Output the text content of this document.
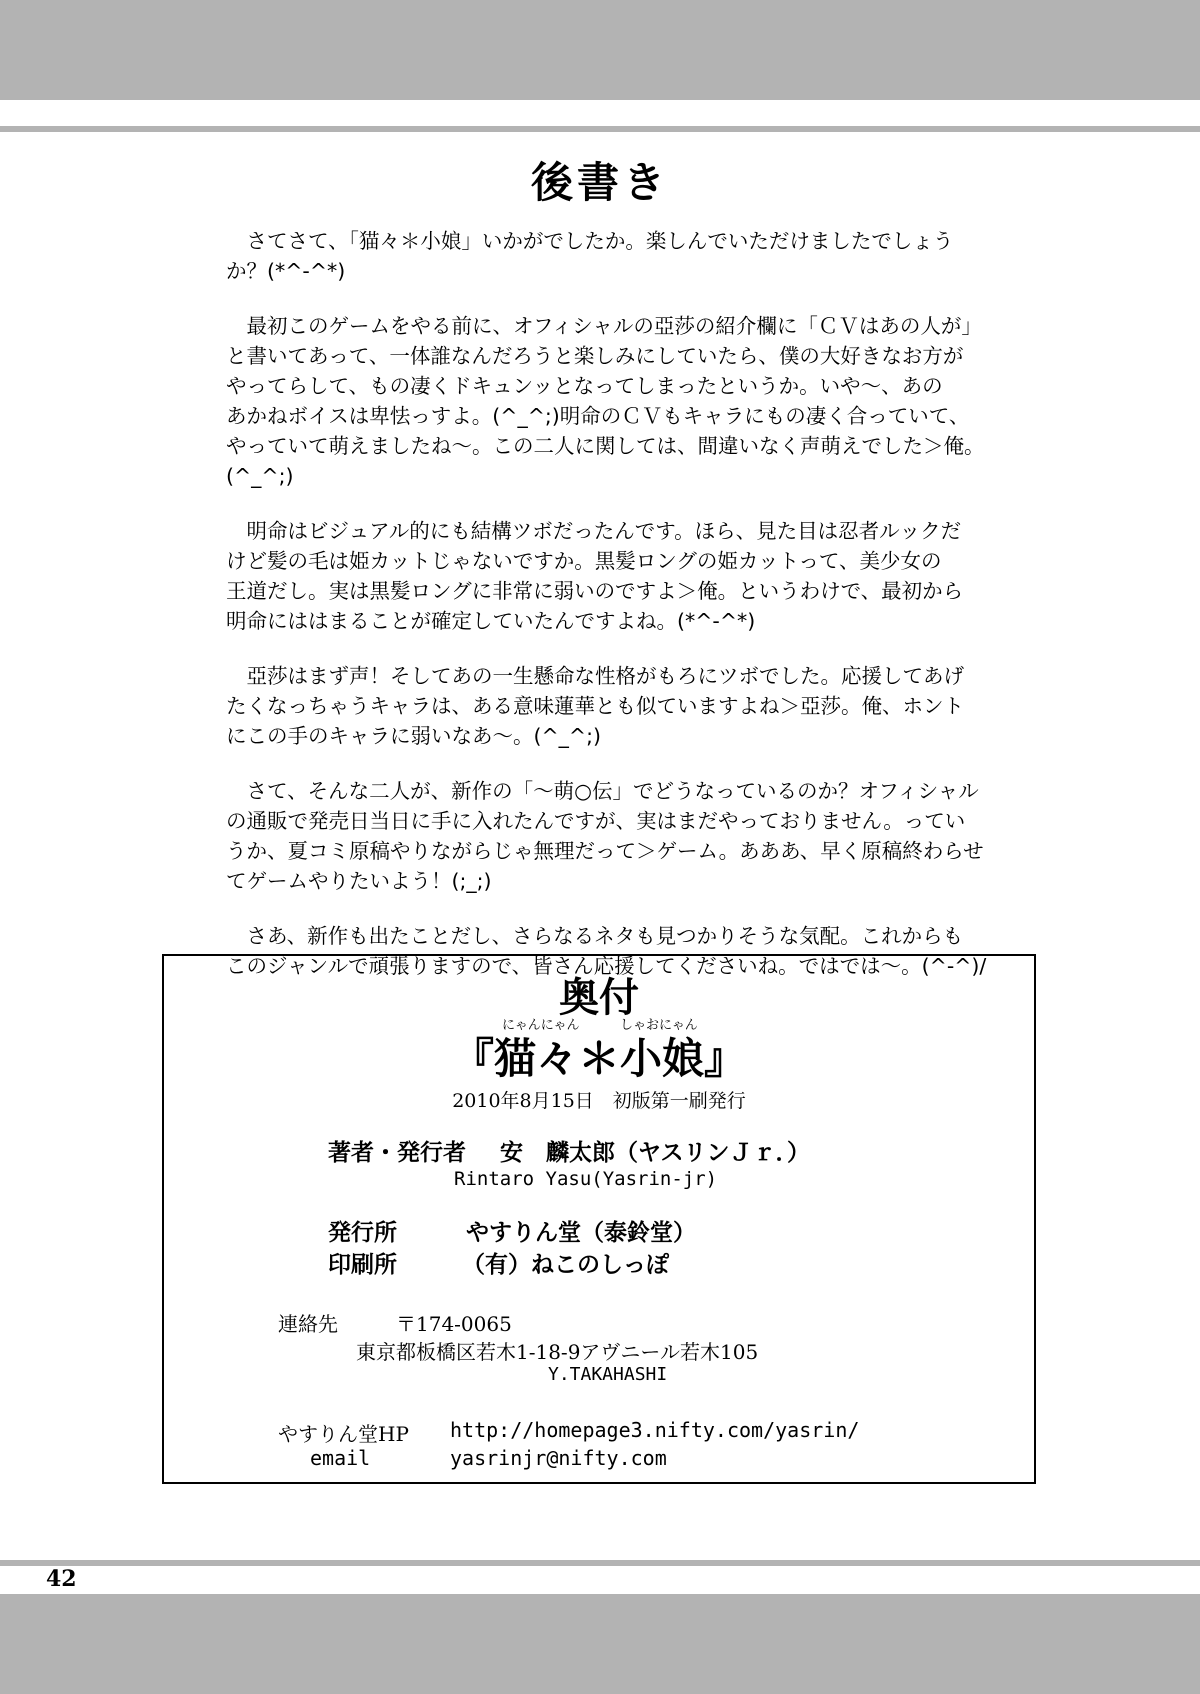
後書き

　さてさて、「猫々＊小娘」いかがでしたか。楽しんでいただけましたでしょう
か？(*^-^*)

　最初このゲームをやる前に、オフィシャルの亞莎の紹介欄に「ＣＶはあの人が」
と書いてあって、一体誰なんだろうと楽しみにしていたら、僕の大好きなお方が
やってらして、もの凄くドキュンッとなってしまったというか。いや～、あの
あかねボイスは卑怯っすよ。(^_^;)明命のＣＶもキャラにもの凄く合っていて、
やっていて萌えましたね～。この二人に関しては、間違いなく声萌えでした＞俺。
(^_^;)

　明命はビジュアル的にも結構ツボだったんです。ほら、見た目は忍者ルックだ
けど髪の毛は姫カットじゃないですか。黒髪ロングの姫カットって、美少女の
王道だし。実は黒髪ロングに非常に弱いのですよ＞俺。というわけで、最初から
明命にははまることが確定していたんですよね。(*^-^*)

　亞莎はまず声！そしてあの一生懸命な性格がもろにツボでした。応援してあげ
たくなっちゃうキャラは、ある意味蓮華とも似ていますよね＞亞莎。俺、ホント
にこの手のキャラに弱いなあ～。(^_^;)

　さて、そんな二人が、新作の「～萌○伝」でどうなっているのか？オフィシャル
の通販で発売日当日に手に入れたんですが、実はまだやっておりません。ってい
うか、夏コミ原稿やりながらじゃ無理だって＞ゲーム。あああ、早く原稿終わらせ
てゲームやりたいよう！(;_;)

　さあ、新作も出たことだし、さらなるネタも見つかりそうな気配。これからも
このジャンルで頑張りますので、皆さん応援してくださいね。ではでは～。(^-^)/

奥付
にゃんにゃん	しゃおにゃん
『猫々＊小娘』
2010年8月15日　初版第一刷発行
著者・発行者 安　麟太郎（ヤスリンＪｒ．）
Rintaro Yasu(Yasrin-jr)
発行所	やすりん堂（泰鈴堂）
印刷所	（有）ねこのしっぽ
連絡先	〒174-0065
東京都板橋区若木1-18-9アヴニール若木105
Y.TAKAHASHI
やすりん堂HP http://homepage3.nifty.com/yasrin/
email	yasrinjr@nifty.com
42
